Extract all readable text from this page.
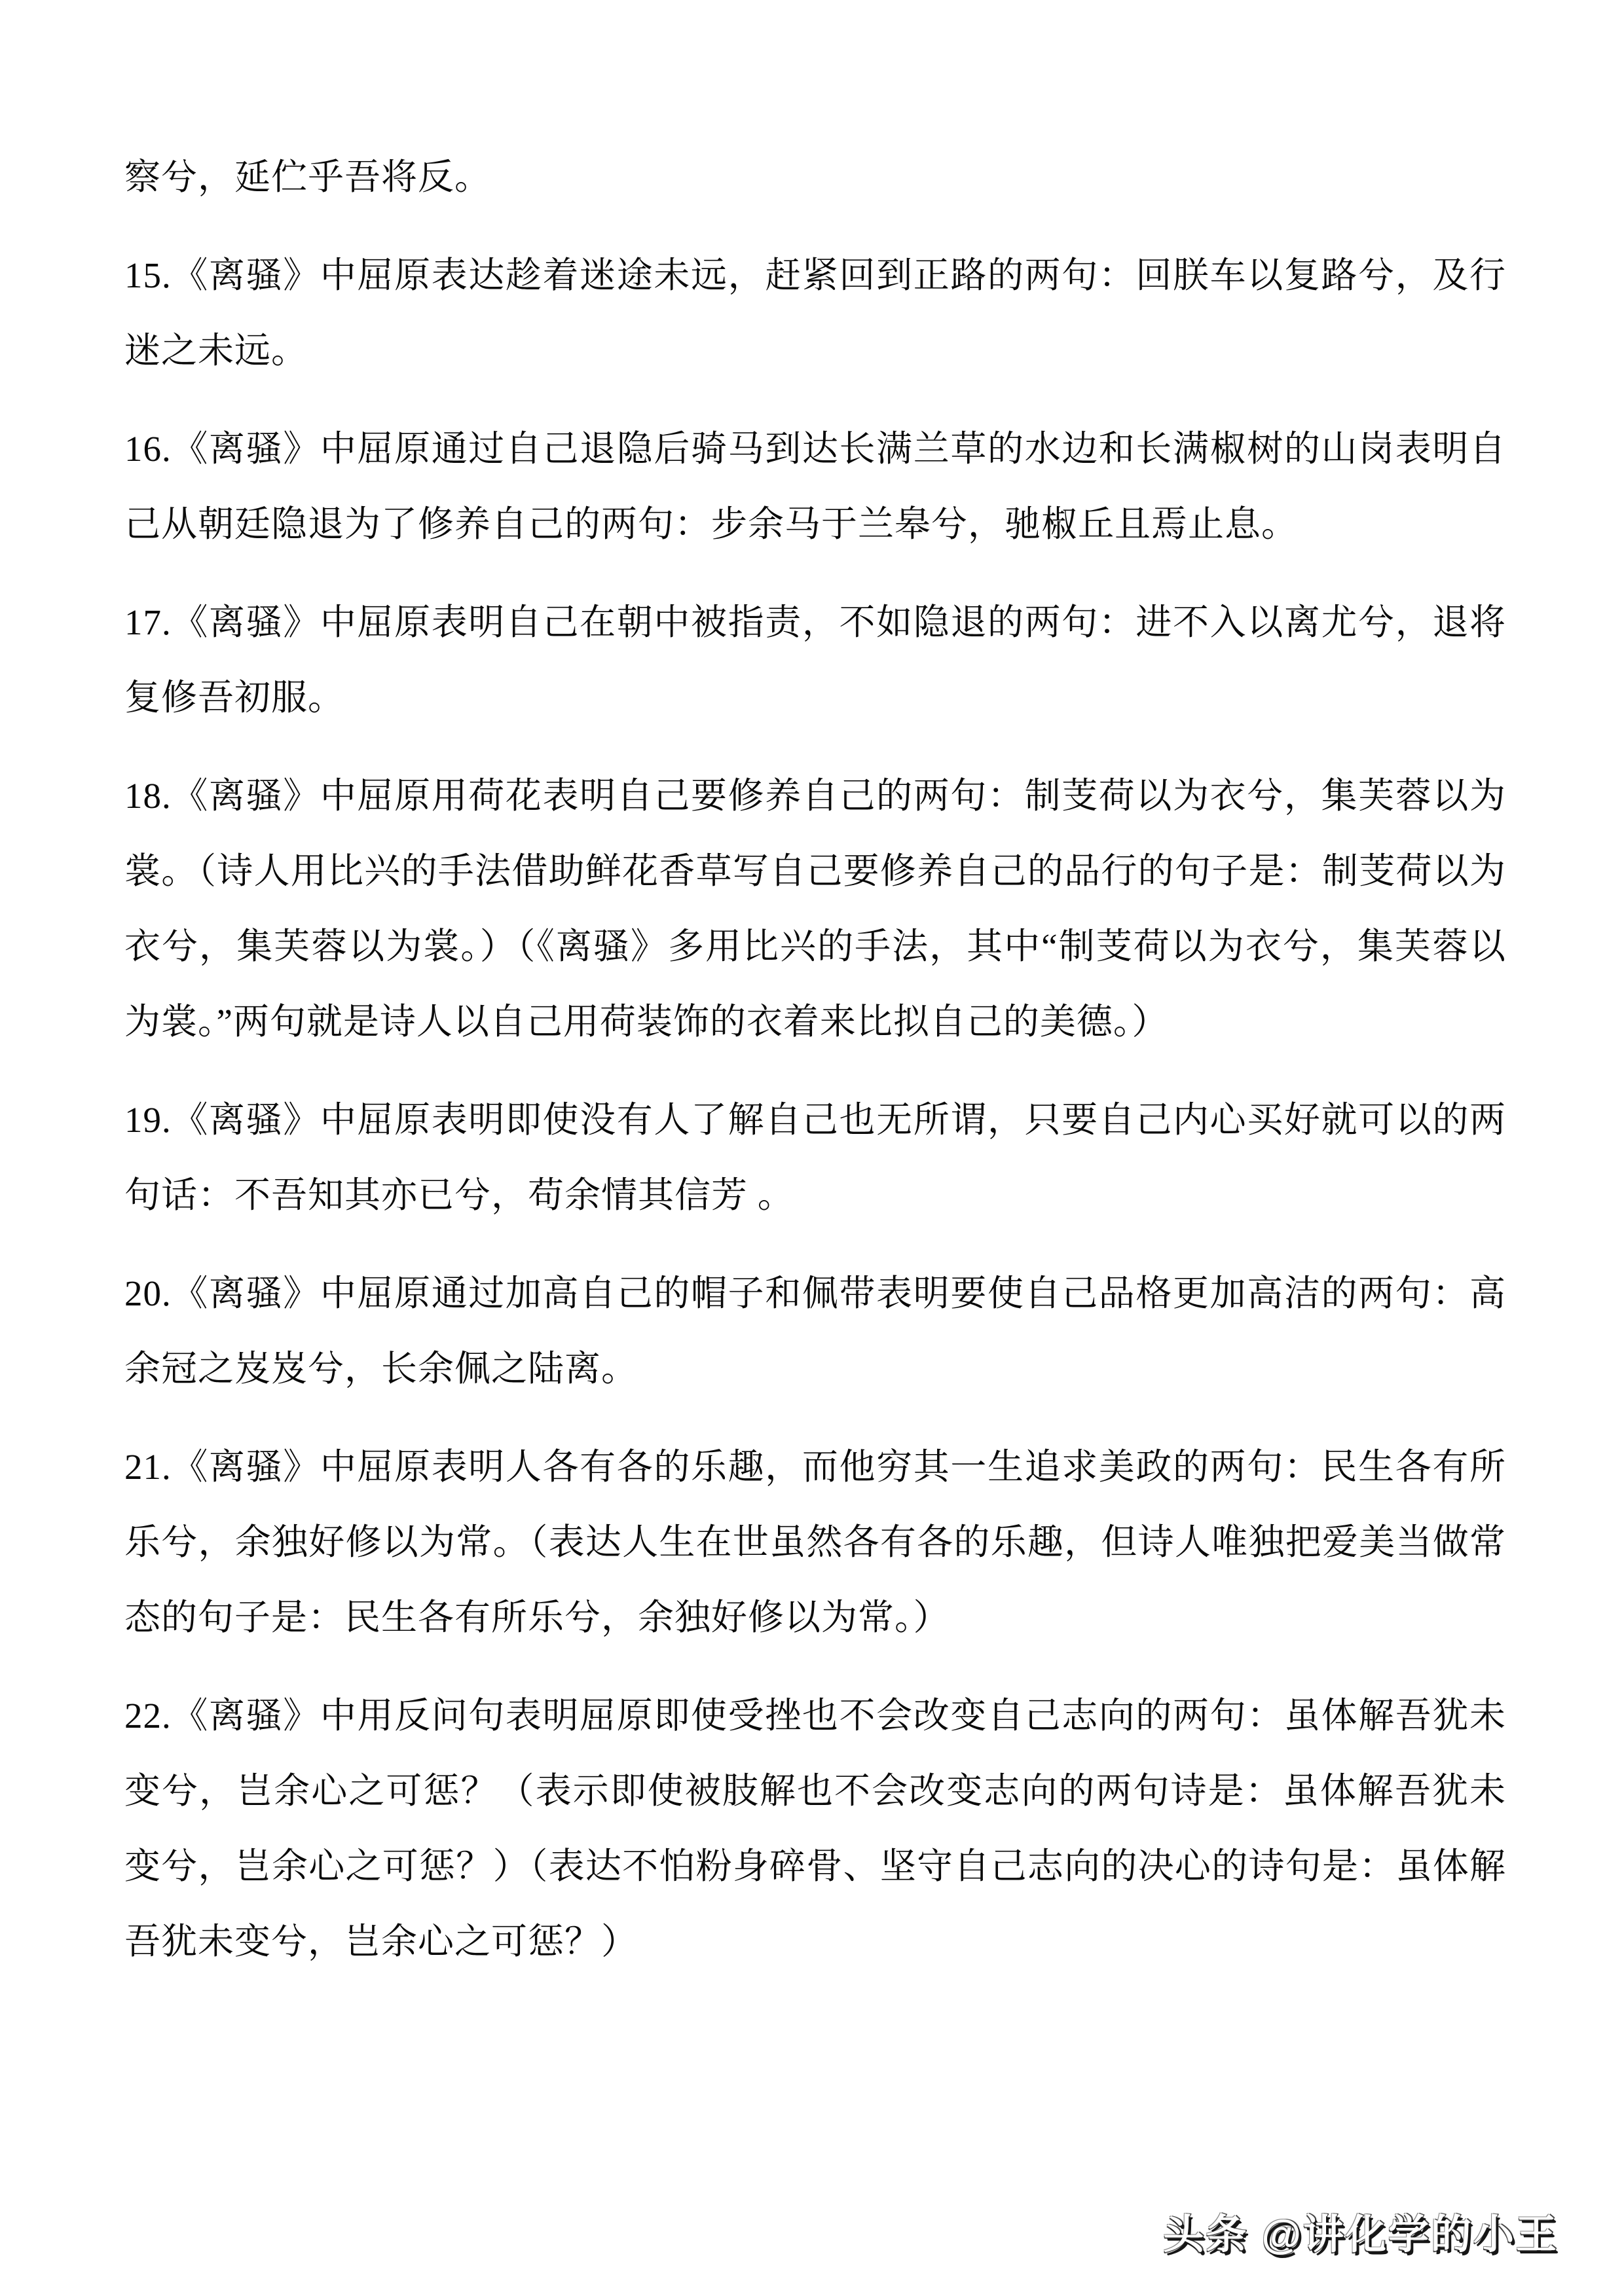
察兮，延伫乎吾将反。

15.《离骚》中屈原表达趁着迷途未远，赶紧回到正路的两句：回朕车以复路兮，及行迷之未远。

16.《离骚》中屈原通过自己退隐后骑马到达长满兰草的水边和长满椒树的山岗表明自己从朝廷隐退为了修养自己的两句：步余马于兰皋兮，驰椒丘且焉止息。

17.《离骚》中屈原表明自己在朝中被指责，不如隐退的两句：进不入以离尤兮，退将复修吾初服。

18.《离骚》中屈原用荷花表明自己要修养自己的两句：制芰荷以为衣兮，集芙蓉以为裳。（诗人用比兴的手法借助鲜花香草写自己要修养自己的品行的句子是：制芰荷以为衣兮，集芙蓉以为裳。）（《离骚》多用比兴的手法，其中“制芰荷以为衣兮，集芙蓉以为裳。”两句就是诗人以自己用荷装饰的衣着来比拟自己的美德。）

19.《离骚》中屈原表明即使没有人了解自己也无所谓，只要自己内心买好就可以的两句话：不吾知其亦已兮，苟余情其信芳 。

20.《离骚》中屈原通过加高自己的帽子和佩带表明要使自己品格更加高洁的两句：高余冠之岌岌兮，长余佩之陆离。

21.《离骚》中屈原表明人各有各的乐趣，而他穷其一生追求美政的两句：民生各有所乐兮，余独好修以为常。（表达人生在世虽然各有各的乐趣，但诗人唯独把爱美当做常态的句子是：民生各有所乐兮，余独好修以为常。）

22.《离骚》中用反问句表明屈原即使受挫也不会改变自己志向的两句：虽体解吾犹未变兮，岂余心之可惩？（表示即使被肢解也不会改变志向的两句诗是：虽体解吾犹未变兮，岂余心之可惩？）（表达不怕粉身碎骨、坚守自己志向的决心的诗句是：虽体解吾犹未变兮，岂余心之可惩？）

头条 @讲化学的小王
